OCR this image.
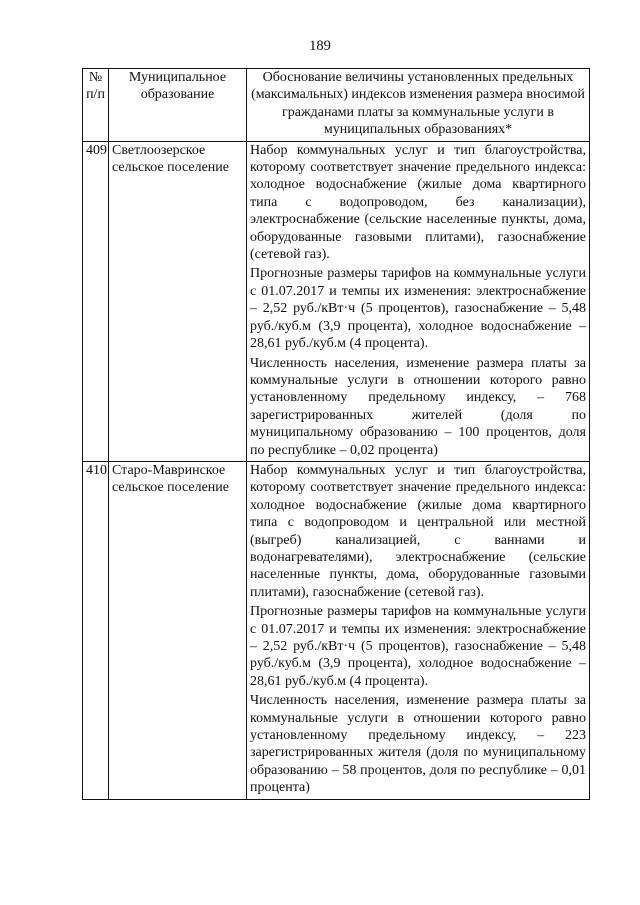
189
№ п/п	Муниципальное образование	Обоснование величины установленных предельных (максимальных) индексов изменения размера вносимой гражданами платы за коммунальные услуги в муниципальных образованиях*
409	Светлоозерское сельское поселение	Набор коммунальных услуг и тип благоустройства, которому соответствует значение предельного индекса: холодное водоснабжение (жилые дома квартирного типа с водопроводом, без канализации), электроснабжение (сельские населенные пункты, дома, оборудованные газовыми плитами), газоснабжение (сетевой газ).

Прогнозные размеры тарифов на коммунальные услуги с 01.07.2017 и темпы их изменения: электроснабжение – 2,52 руб./кВт·ч (5 процентов), газоснабжение – 5,48 руб./куб.м (3,9 процента), холодное водоснабжение – 28,61 руб./куб.м (4 процента).

Численность населения, изменение размера платы за коммунальные услуги в отношении которого равно установленному предельному индексу, – 768 зарегистрированных жителей (доля по муниципальному образованию – 100 процентов, доля по республике – 0,02 процента)

410	Старо-Мавринское сельское поселение	Набор коммунальных услуг и тип благоустройства, которому соответствует значение предельного индекса: холодное водоснабжение (жилые дома квартирного типа с водопроводом и центральной или местной (выгреб) канализацией, с ваннами и водонагревателями), электроснабжение (сельские населенные пункты, дома, оборудованные газовыми плитами), газоснабжение (сетевой газ).

Прогнозные размеры тарифов на коммунальные услуги с 01.07.2017 и темпы их изменения: электроснабжение – 2,52 руб./кВт·ч (5 процентов), газоснабжение – 5,48 руб./куб.м (3,9 процента), холодное водоснабжение – 28,61 руб./куб.м (4 процента).

Численность населения, изменение размера платы за коммунальные услуги в отношении которого равно установленному предельному индексу, – 223 зарегистрированных жителя (доля по муниципальному образованию – 58 процентов, доля по республике – 0,01 процента)
